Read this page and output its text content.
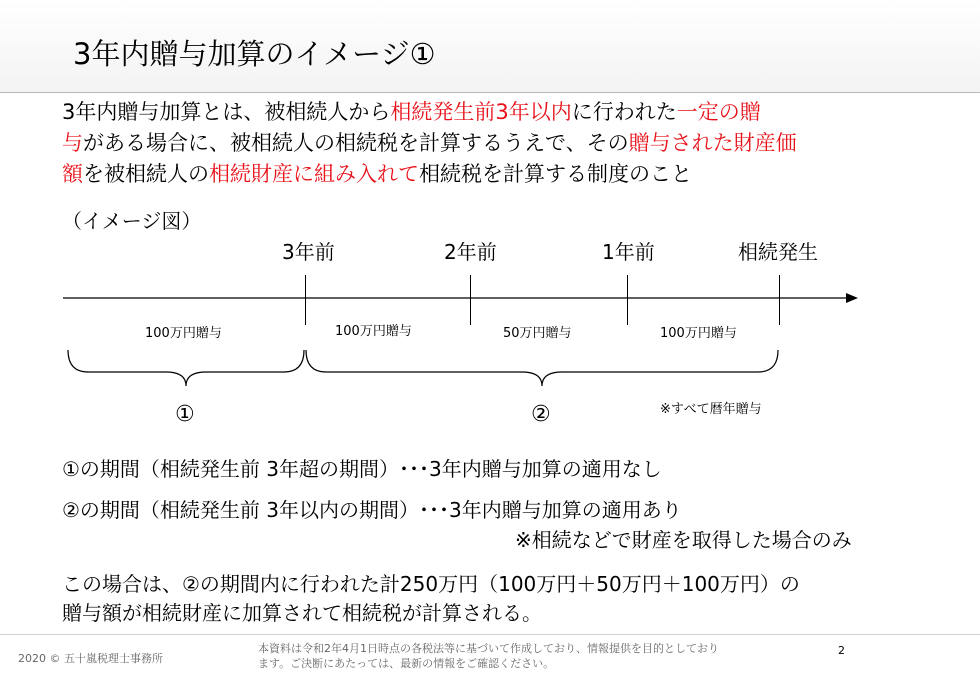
3年内贈与加算のイメージ①
3年内贈与加算とは、被相続人から相続発生前3年以内に行われた一定の贈
与がある場合に、被相続人の相続税を計算するうえで、その贈与された財産価
額を被相続人の相続財産に組み入れて相続税を計算する制度のこと
（イメージ図）
3年前	2年前	1年前	相続発生
100万円贈与	100万円贈与	50万円贈与	100万円贈与
①	②	※すべて暦年贈与
①の期間（相続発生前 3年超の期間）･･･3年内贈与加算の適用なし
②の期間（相続発生前 3年以内の期間）･･･3年内贈与加算の適用あり
※相続などで財産を取得した場合のみ
この場合は、②の期間内に行われた計250万円（100万円＋50万円＋100万円）の
贈与額が相続財産に加算されて相続税が計算される。
2020 © 五十嵐税理士事務所
本資料は令和2年4月1日時点の各税法等に基づいて作成しており、情報提供を目的としており
ます。ご決断にあたっては、最新の情報をご確認ください。
2
